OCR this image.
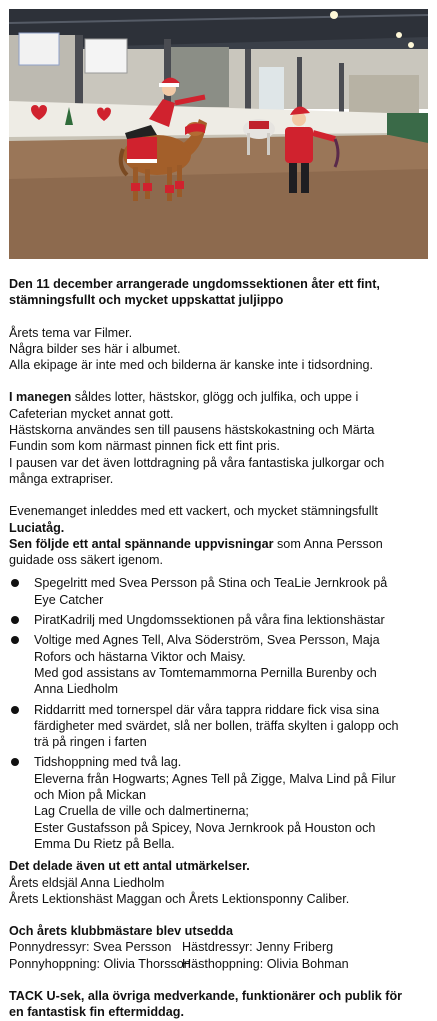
Den 11 december arrangerade ungdomssektionen åter ett fint,
stämningsfullt och mycket uppskattat juljippo

Årets tema var Filmer.
Några bilder ses här i albumet.
Alla ekipage är inte med och bilderna är kanske inte i tidsordning.

I manegen såldes lotter, hästskor, glögg och julfika, och uppe i
Cafeterian mycket annat gott.
Hästskorna användes sen till pausens hästskokastning och Märta
Fundin som kom närmast pinnen fick ett fint pris.
I pausen var det även lottdragning på våra fantastiska julkorgar och
många extrapriser.

Evenemanget inleddes med ett vackert, och mycket stämningsfullt
Luciatåg.
Sen följde ett antal spännande uppvisningar som Anna Persson
guidade oss säkert igenom.

Spegelritt med Svea Persson på Stina och TeaLie Jernkrook på
Eye Catcher
PiratKadrilj med Ungdomssektionen på våra fina lektionshästar
Voltige med Agnes Tell, Alva Söderström, Svea Persson, Maja
Rofors och hästarna Viktor och Maisy.
Med god assistans av Tomtemammorna Pernilla Burenby och
Anna Liedholm
Riddarritt med tornerspel där våra tappra riddare fick visa sina
färdigheter med svärdet, slå ner bollen, träffa skylten i galopp och
trä på ringen i farten
Tidshoppning med två lag.
Eleverna från Hogwarts; Agnes Tell på Zigge, Malva Lind på Filur
och Mion på Mickan
Lag Cruella de ville och dalmertinerna;
Ester Gustafsson på Spicey, Nova Jernkrook på Houston och
Emma Du Rietz på Bella.

Det delade även ut ett antal utmärkelser.
Årets eldsjäl Anna Liedholm
Årets Lektionshäst Maggan och Årets Lektionsponny Caliber.

Och årets klubbmästare blev utsedda

Ponnydressyr: Svea Persson Hästdressyr: Jenny Friberg
Ponnyhoppning: Olivia Thorsson
Hästhoppning: Olivia Bohman

TACK U-sek, alla övriga medverkande, funktionärer och publik för
en fantastisk fin eftermiddag.
